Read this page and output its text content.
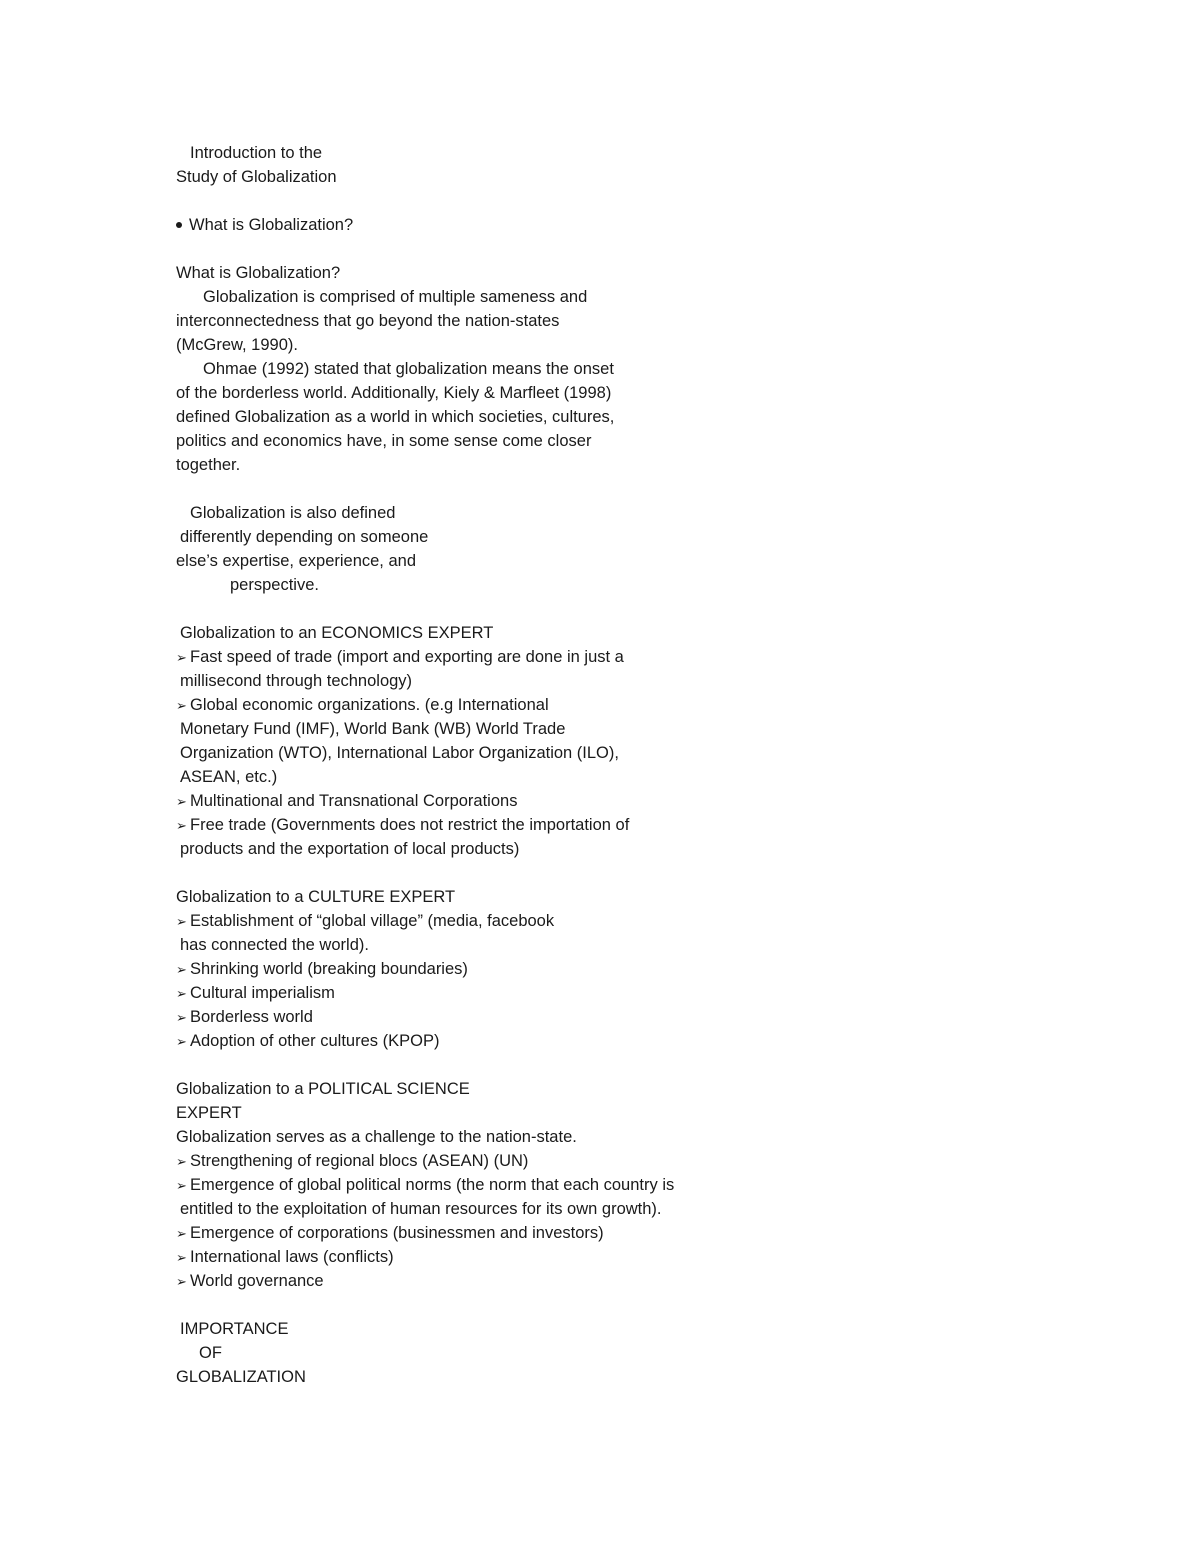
Introduction to the
Study of Globalization
What is Globalization?
What is Globalization?
Globalization is comprised of multiple sameness and
interconnectedness that go beyond the nation-states
(McGrew, 1990).
Ohmae (1992) stated that globalization means the onset
of the borderless world. Additionally, Kiely & Marfleet (1998)
defined Globalization as a world in which societies, cultures,
politics and economics have, in some sense come closer
together.
Globalization is also defined
differently depending on someone
else’s expertise, experience, and
perspective.
Globalization to an ECONOMICS EXPERT
➢ Fast speed of trade (import and exporting are done in just a
millisecond through technology)
➢ Global economic organizations. (e.g International
Monetary Fund (IMF), World Bank (WB) World Trade
Organization (WTO), International Labor Organization (ILO),
ASEAN, etc.)
➢ Multinational and Transnational Corporations
➢ Free trade (Governments does not restrict the importation of
products and the exportation of local products)
Globalization to a CULTURE EXPERT
➢ Establishment of “global village” (media, facebook
has connected the world).
➢ Shrinking world (breaking boundaries)
➢ Cultural imperialism
➢ Borderless world
➢ Adoption of other cultures (KPOP)
Globalization to a POLITICAL SCIENCE
EXPERT
Globalization serves as a challenge to the nation-state.
➢ Strengthening of regional blocs (ASEAN) (UN)
➢ Emergence of global political norms (the norm that each country is
entitled to the exploitation of human resources for its own growth).
➢ Emergence of corporations (businessmen and investors)
➢ International laws (conflicts)
➢ World governance
IMPORTANCE
OF
GLOBALIZATION
